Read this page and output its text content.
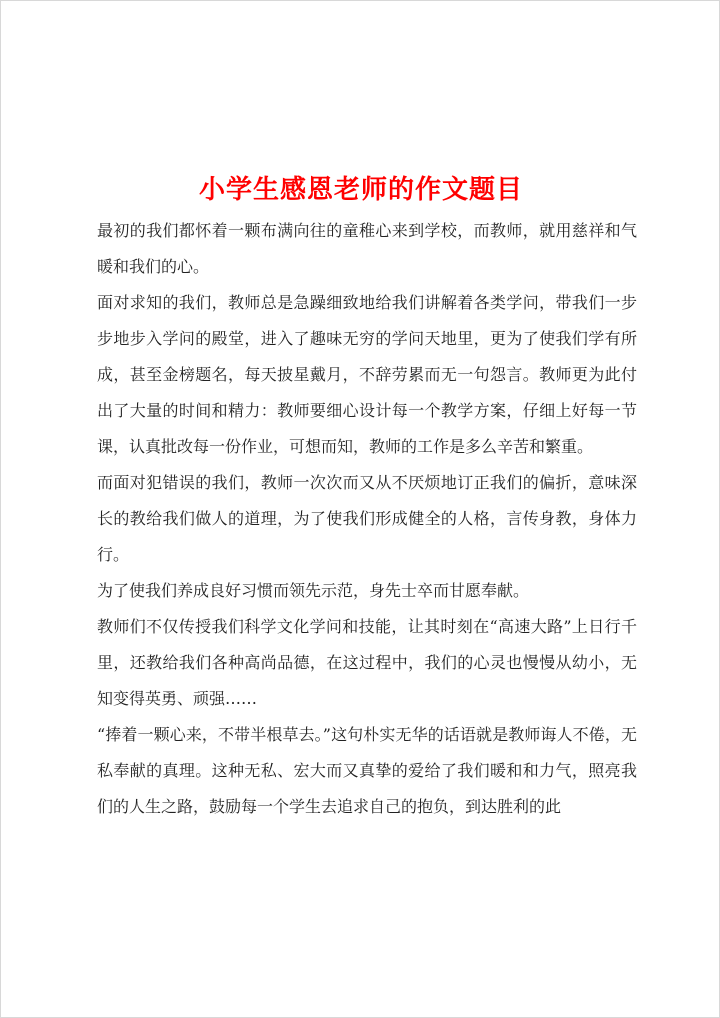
小学生感恩老师的作文题目

最初的我们都怀着一颗布满向往的童稚心来到学校，而教师，就用慈祥和气暖和我们的心。

面对求知的我们，教师总是急躁细致地给我们讲解着各类学问，带我们一步步地步入学问的殿堂，进入了趣味无穷的学问天地里，更为了使我们学有所成，甚至金榜题名，每天披星戴月，不辞劳累而无一句怨言。教师更为此付出了大量的时间和精力：教师要细心设计每一个教学方案，仔细上好每一节课，认真批改每一份作业，可想而知，教师的工作是多么辛苦和繁重。

而面对犯错误的我们，教师一次次而又从不厌烦地订正我们的偏折，意味深长的教给我们做人的道理，为了使我们形成健全的人格，言传身教，身体力行。

为了使我们养成良好习惯而领先示范，身先士卒而甘愿奉献。

教师们不仅传授我们科学文化学问和技能，让其时刻在“高速大路”上日行千里，还教给我们各种高尚品德，在这过程中，我们的心灵也慢慢从幼小，无知变得英勇、顽强……

“捧着一颗心来，不带半根草去。”这句朴实无华的话语就是教师诲人不倦，无私奉献的真理。这种无私、宏大而又真挚的爱给了我们暖和和力气，照亮我们的人生之路，鼓励每一个学生去追求自己的抱负，到达胜利的此
